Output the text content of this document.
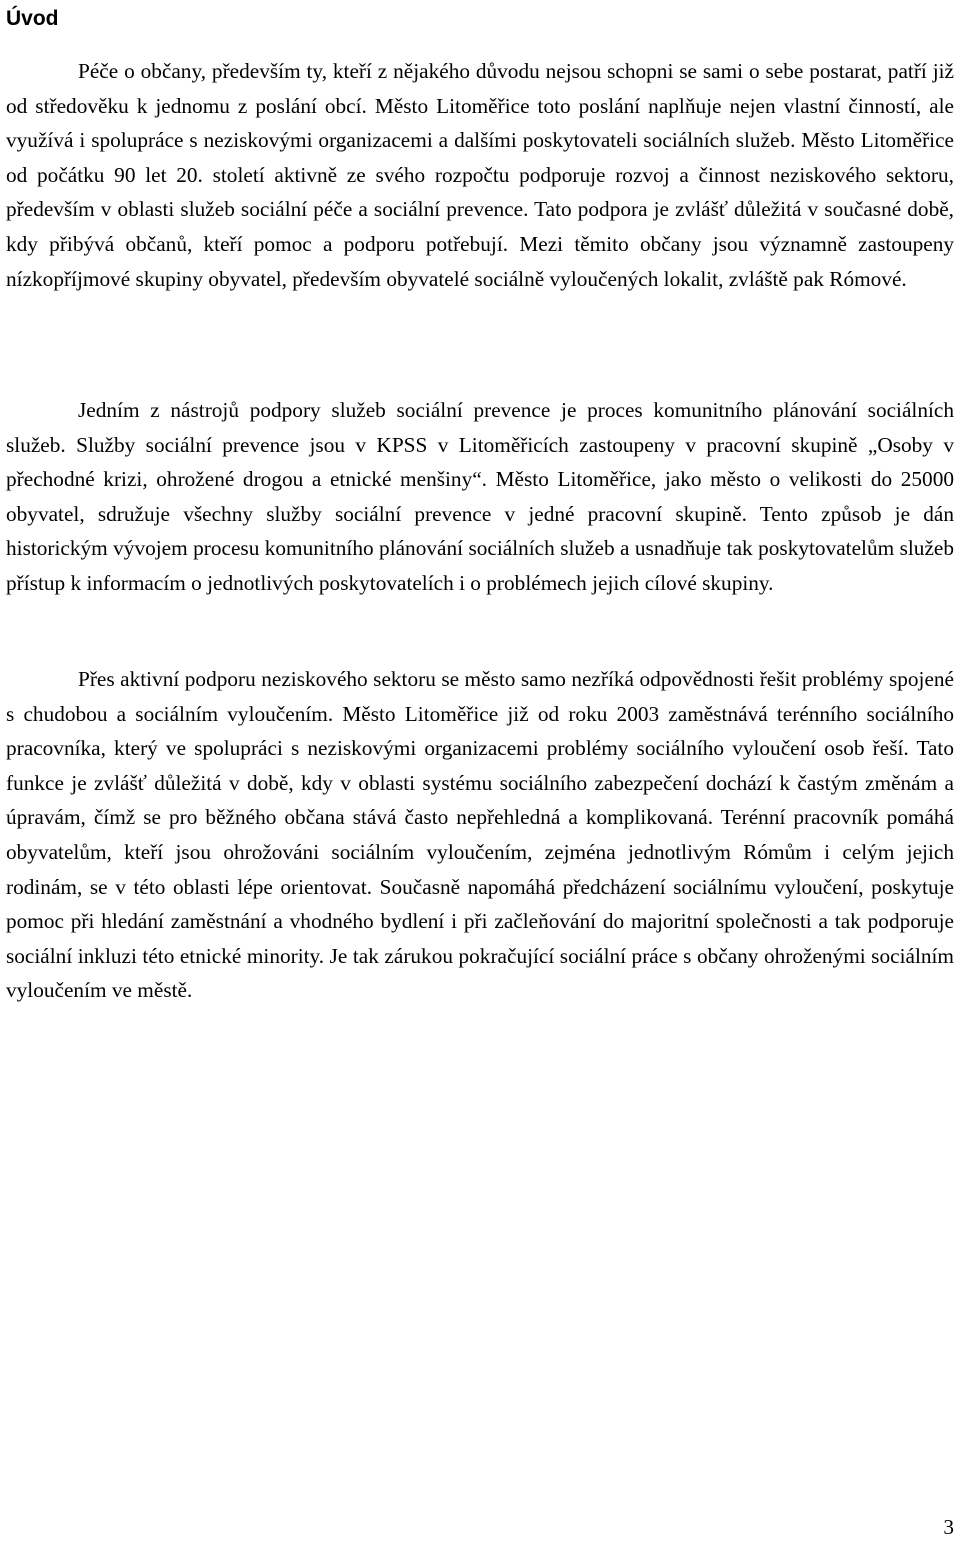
Úvod

Péče o občany, především ty, kteří z nějakého důvodu nejsou schopni se sami o sebe postarat, patří již od středověku k jednomu z poslání obcí. Město Litoměřice toto poslání naplňuje nejen vlastní činností, ale využívá i spolupráce s neziskovými organizacemi a dalšími poskytovateli sociálních služeb. Město Litoměřice od počátku 90 let 20. století aktivně ze svého rozpočtu podporuje rozvoj a činnost neziskového sektoru, především v oblasti služeb sociální péče a sociální prevence. Tato podpora je zvlášť důležitá v současné době, kdy přibývá občanů, kteří pomoc a podporu potřebují. Mezi těmito občany jsou významně zastoupeny nízkopříjmové skupiny obyvatel, především obyvatelé sociálně vyloučených lokalit, zvláště pak Rómové.

Jedním z nástrojů podpory služeb sociální prevence je proces komunitního plánování sociálních služeb. Služby sociální prevence jsou v KPSS v Litoměřicích zastoupeny v pracovní skupině „Osoby v přechodné krizi, ohrožené drogou a etnické menšiny“. Město Litoměřice, jako město o velikosti do 25000 obyvatel, sdružuje všechny služby sociální prevence v jedné pracovní skupině. Tento způsob je dán historickým vývojem procesu komunitního plánování sociálních služeb a usnadňuje tak poskytovatelům služeb přístup k informacím o jednotlivých poskytovatelích i o problémech jejich cílové skupiny.

Přes aktivní podporu neziskového sektoru se město samo nezříká odpovědnosti řešit problémy spojené s chudobou a sociálním vyloučením. Město Litoměřice již od roku 2003 zaměstnává terénního sociálního pracovníka, který ve spolupráci s neziskovými organizacemi problémy sociálního vyloučení osob řeší. Tato funkce je zvlášť důležitá v době, kdy v oblasti systému sociálního zabezpečení dochází k častým změnám a úpravám, čímž se pro běžného občana stává často nepřehledná a komplikovaná. Terénní pracovník pomáhá obyvatelům, kteří jsou ohrožováni sociálním vyloučením, zejména jednotlivým Rómům i celým jejich rodinám, se v této oblasti lépe orientovat. Současně napomáhá předcházení sociálnímu vyloučení, poskytuje pomoc při hledání zaměstnání a vhodného bydlení i při začleňování do majoritní společnosti a tak podporuje sociální inkluzi této etnické minority. Je tak zárukou pokračující sociální práce s občany ohroženými sociálním vyloučením ve městě.

3
